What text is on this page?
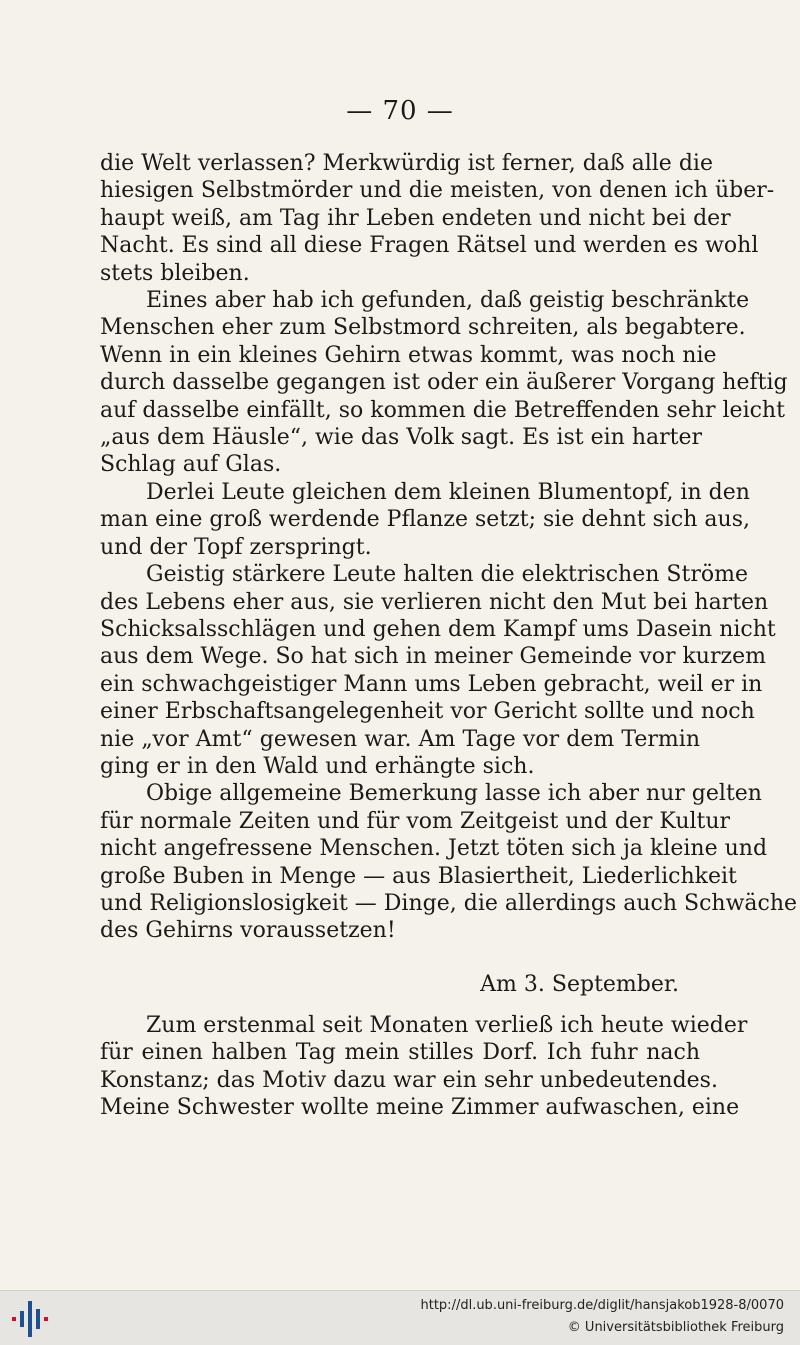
— 70 —
die Welt verlassen? Merkwürdig ist ferner, daß alle die
hiesigen Selbstmörder und die meisten, von denen ich über-
haupt weiß, am Tag ihr Leben endeten und nicht bei der
Nacht. Es sind all diese Fragen Rätsel und werden es wohl
stets bleiben.
Eines aber hab ich gefunden, daß geistig beschränkte
Menschen eher zum Selbstmord schreiten, als begabtere.
Wenn in ein kleines Gehirn etwas kommt, was noch nie
durch dasselbe gegangen ist oder ein äußerer Vorgang heftig
auf dasselbe einfällt, so kommen die Betreffenden sehr leicht
„aus dem Häusle“, wie das Volk sagt. Es ist ein harter
Schlag auf Glas.
Derlei Leute gleichen dem kleinen Blumentopf, in den
man eine groß werdende Pflanze setzt; sie dehnt sich aus,
und der Topf zerspringt.
Geistig stärkere Leute halten die elektrischen Ströme
des Lebens eher aus, sie verlieren nicht den Mut bei harten
Schicksalsschlägen und gehen dem Kampf ums Dasein nicht
aus dem Wege. So hat sich in meiner Gemeinde vor kurzem
ein schwachgeistiger Mann ums Leben gebracht, weil er in
einer Erbschaftsangelegenheit vor Gericht sollte und noch
nie „vor Amt“ gewesen war. Am Tage vor dem Termin
ging er in den Wald und erhängte sich.
Obige allgemeine Bemerkung lasse ich aber nur gelten
für normale Zeiten und für vom Zeitgeist und der Kultur
nicht angefressene Menschen. Jetzt töten sich ja kleine und
große Buben in Menge — aus Blasiertheit, Liederlichkeit
und Religionslosigkeit — Dinge, die allerdings auch Schwäche
des Gehirns voraussetzen!
Am 3. September.
Zum erstenmal seit Monaten verließ ich heute wieder
für einen halben Tag mein stilles Dorf. Ich fuhr nach
Konstanz; das Motiv dazu war ein sehr unbedeutendes.
Meine Schwester wollte meine Zimmer aufwaschen, eine
http://dl.ub.uni-freiburg.de/diglit/hansjakob1928-8/0070
© Universitätsbibliothek Freiburg
